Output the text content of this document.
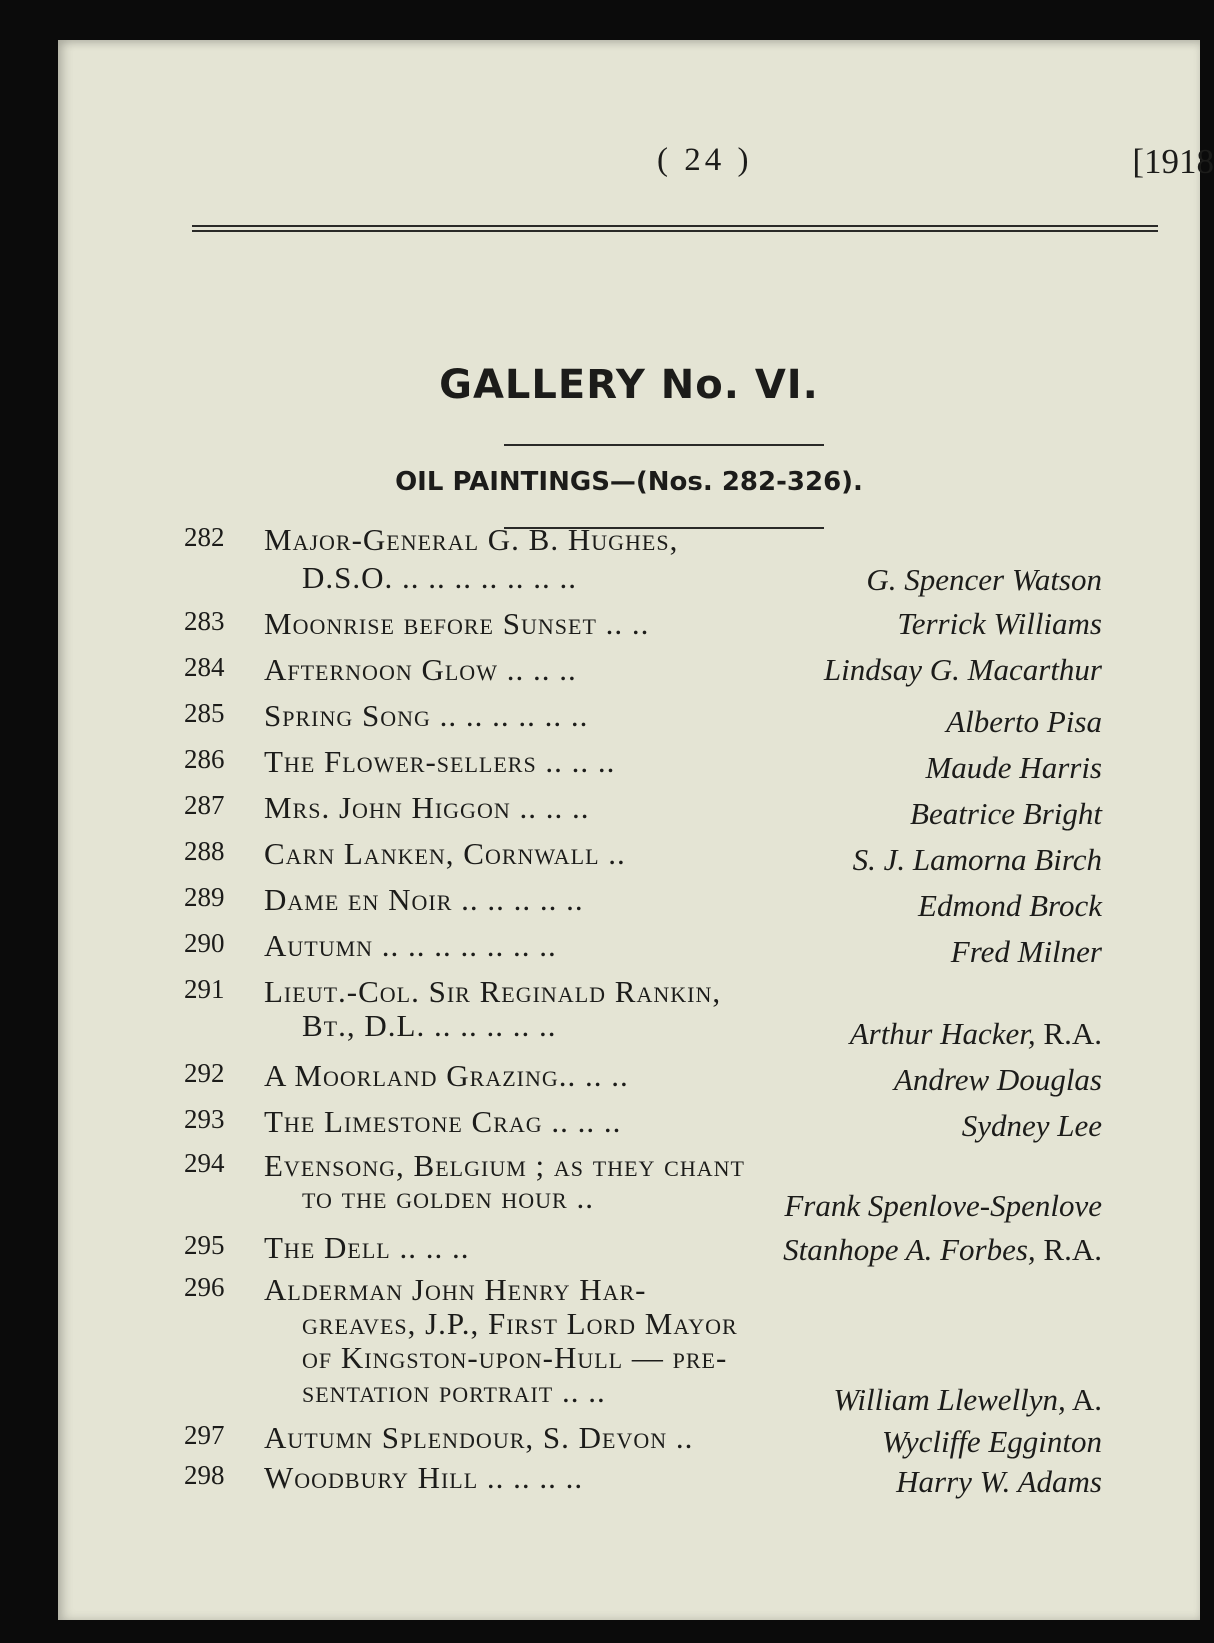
( 24 )	[1918
GALLERY No. VI.
OIL PAINTINGS—(Nos. 282-326).
282 Major-General G. B. Hughes,
D.S.O. .. .. .. .. .. .. ..	G. Spencer Watson
283 Moonrise before Sunset .. ..	Terrick Williams
284 Afternoon Glow .. .. ..	Lindsay G. Macarthur
285 Spring Song .. .. .. .. .. ..	Alberto Pisa
286 The Flower-sellers .. .. ..	Maude Harris
287 Mrs. John Higgon .. .. ..	Beatrice Bright
288 Carn Lanken, Cornwall ..	S. J. Lamorna Birch
289 Dame en Noir .. .. .. .. ..	Edmond Brock
290 Autumn .. .. .. .. .. .. ..	Fred Milner
291 Lieut.-Col. Sir Reginald Rankin,
Bt., D.L. .. .. .. .. ..	Arthur Hacker, R.A.
292 A Moorland Grazing.. .. ..	Andrew Douglas
293 The Limestone Crag .. .. ..	Sydney Lee
294 Evensong, Belgium ; as they chant
to the golden hour ..	Frank Spenlove-Spenlove
295 The Dell .. .. ..	Stanhope A. Forbes, R.A.
296 Alderman John Henry Har-
greaves, J.P., First Lord Mayor
of Kingston-upon-Hull — pre-
sentation portrait .. ..	William Llewellyn, A.
297 Autumn Splendour, S. Devon ..	Wycliffe Egginton
298 Woodbury Hill .. .. .. ..	Harry W. Adams
